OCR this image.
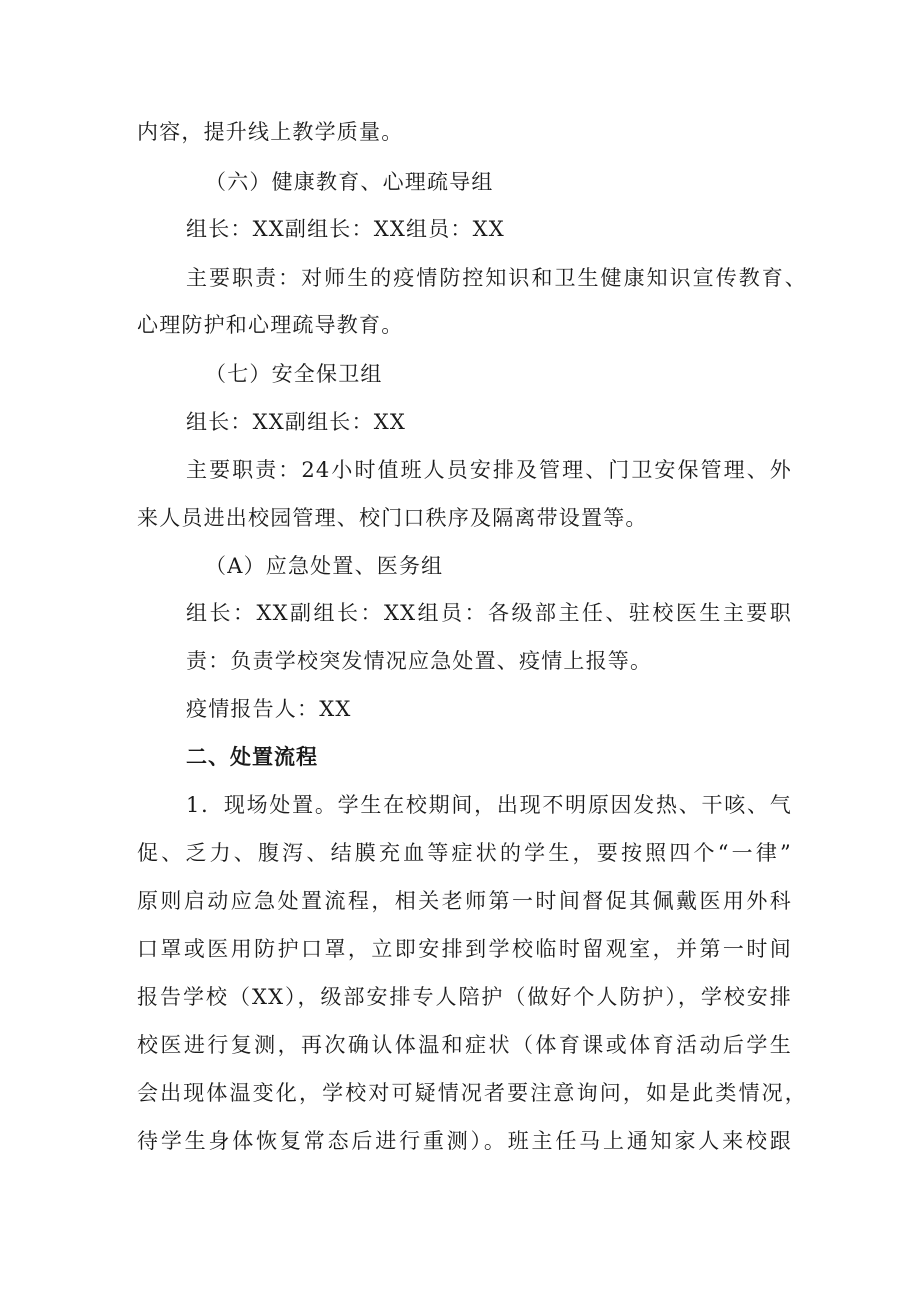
内容，提升线上教学质量。
（六）健康教育、心理疏导组
组长：XX副组长：XX组员：XX
主要职责：对师生的疫情防控知识和卫生健康知识宣传教育、
心理防护和心理疏导教育。
（七）安全保卫组
组长：XX副组长：XX
主要职责：24小时值班人员安排及管理、门卫安保管理、外
来人员进出校园管理、校门口秩序及隔离带设置等。
（A）应急处置、医务组
组长：XX副组长：XX组员：各级部主任、驻校医生主要职
责：负责学校突发情况应急处置、疫情上报等。
疫情报告人：XX
二、处置流程
1．现场处置。学生在校期间，出现不明原因发热、干咳、气
促、乏力、腹泻、结膜充血等症状的学生，要按照四个“一律”
原则启动应急处置流程，相关老师第一时间督促其佩戴医用外科
口罩或医用防护口罩，立即安排到学校临时留观室，并第一时间
报告学校（XX），级部安排专人陪护（做好个人防护），学校安排
校医进行复测，再次确认体温和症状（体育课或体育活动后学生
会出现体温变化，学校对可疑情况者要注意询问，如是此类情况，
待学生身体恢复常态后进行重测）。班主任马上通知家人来校跟
